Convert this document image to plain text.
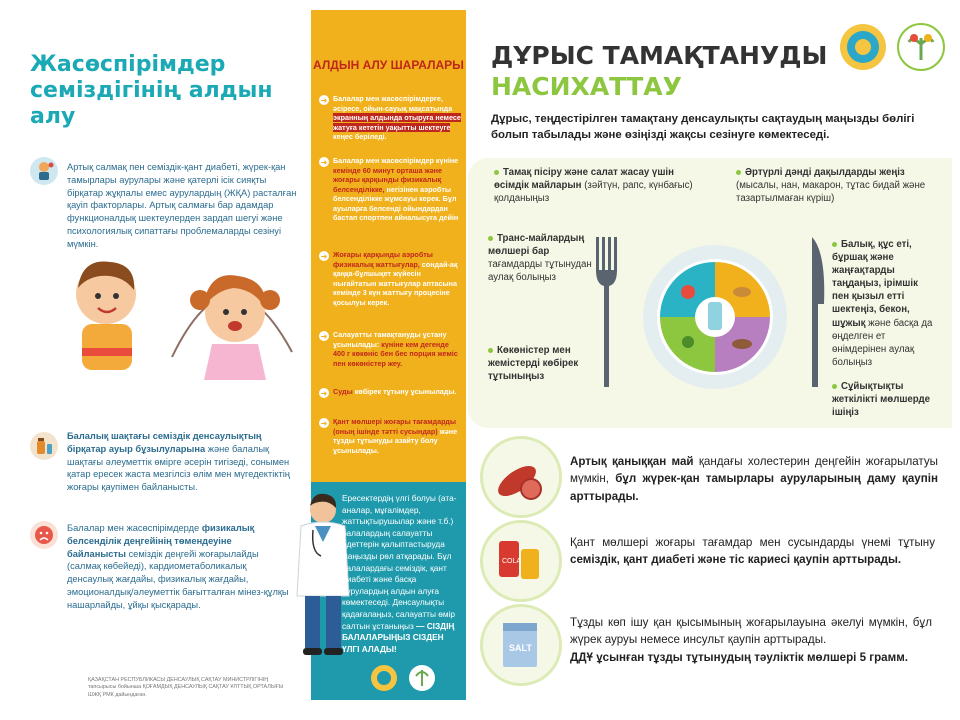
Жасөспірімдер семіздігінің алдын алу

Артық салмақ пен семіздік-қант диабеті, жүрек-қан тамырлары аурулары және қатерлі ісік сияқты бірқатар жұқпалы емес аурулардың (ЖҚА) расталған қауіп факторлары. Артық салмағы бар адамдар функционалдық шектеулерден зардап шегуі және психологиялық сипаттағы проблемаларды сезінуі мүмкін.

Балалық шақтағы семіздік денсаулықтың бірқатар ауыр бұзылуларына және балалық шақтағы әлеуметтік өмірге әсерін тигізеді, сонымен қатар ересек жаста мезгілсіз өлім мен мүгедектіктің жоғары қаупімен байланысты.

Балалар мен жасөспірімдерде физикалық белсенділік деңгейінің төмендеуіне байланысты семіздік деңгейі жоғарылайды (салмақ көбейеді), кардиометаболикалық денсаулық жағдайы, физикалық жағдайы, эмоционалдық/әлеуметтік бағытталған мінез-құлқы нашарлайды, ұйқы қысқарады.

ҚАЗАҚСТАН РЕСПУБЛИКАСЫ ДЕНСАУЛЫҚ САҚТАУ МИНИСТРЛІГІНІҢ тапсырысы бойынша ҚОҒАМДЫҚ ДЕНСАУЛЫҚ САҚТАУ ҰЛТТЫҚ ОРТАЛЫҒЫ ШЖҚ РМК дайындаған.
АЛДЫН АЛУ ШАРАЛАРЫ
➜ Балалар мен жасөспірімдерге, әсіресе, ойын-сауық мақсатында экранның алдында отыруға немесе жатуға кететін уақытты шектеуге кеңес беріледі.

➜ Балалар мен жасөспірімдер күніне кемінде 60 минут орташа және жоғары қарқынды физикалық белсенділікке, негізінен аэробты белсенділікке жұмсауы керек. Бұл ауыларға белсенді ойындардан бастап спортпен айналысуға дейін

➜ Жоғары қарқынды аэробты физикалық жаттығулар, сондай-ақ қаңқа-бұлшықет жүйесін нығайтатын жаттығулар аптасына кемінде 3 күн жаттығу процесіне қосылуы керек.

➜ Салауатты тамақтануды ұстану ұсынылады: күніне кем дегенде 400 г көкөніс бен бес порция жеміс пен көкөністер жеу.

➜ Суды көбірек тұтыну ұсынылады.

➜ Қант мөлшері жоғары тағамдарды (оның ішінде тәтті сусындар) және тұзды тұтынуды азайту болу ұсынылады.

Ересектердің үлгі болуы (ата-аналар, мұғалімдер, жаттықтырушылар және т.б.) балалардың салауатты әдеттерін қалыптастыруда маңызды рөл атқарады. Бұл балалардағы семіздік, қант диабеті және басқа аурулардың алдын алуға көмектеседі. Денсаулықты қадағалаңыз, салауатты өмір салтын ұстаныңыз — СІЗДІҢ БАЛАЛАРЫҢЫЗ СІЗДЕН ҮЛГІ АЛАДЫ!

ДҰРЫС ТАМАҚТАНУДЫ
НАСИХАТТАУ

Дұрыс, теңдестірілген тамақтану денсаулықты сақтаудың маңызды бөлігі болып табылады және өзіңізді жақсы сезінуге көмектеседі.

Тамақ пісіру және салат жасау үшін өсімдік майларын (зәйтүн, рапс, күнбағыс) қолданыңыз

Әртүрлі дәнді дақылдарды жеңіз (мысалы, нан, макарон, тұтас бидай және тазартылмаған күріш)

Транс-майлардың мөлшері бар тағамдарды тұтынудан аулақ болыңыз

Балық, құс еті, бұршақ және жаңғақтарды таңдаңыз, ірімшік пен қызыл етті шектеңіз, бекон, шұжық және басқа да өңделген ет өнімдерінен аулақ болыңыз

Көкөністер мен жемістерді көбірек тұтыныңыз

Сұйықтықты жеткілікті мөлшерде ішіңіз

Артық қаныққан май қандағы холестерин деңгейін жоғарылатуы мүмкін, бұл жүрек-қан тамырлары ауруларының даму қаупін арттырады.

COLA

Қант мөлшері жоғары тағамдар мен сусындарды үнемі тұтыну семіздік, қант диабеті және тіс кариесі қаупін арттырады.

SALT

Тұзды көп ішу қан қысымының жоғарылауына әкелуі мүмкін, бұл жүрек ауруы немесе инсульт қаупін арттырады.
ДДҰ ұсынған тұзды тұтынудың тәуліктік мөлшері 5 грамм.
